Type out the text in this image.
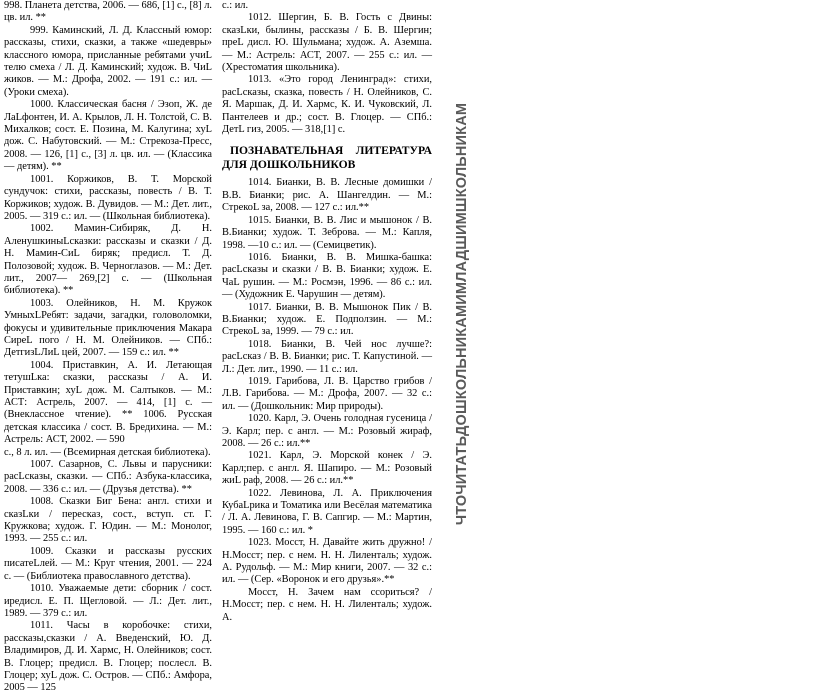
998. Планета детства, 2006. — 686, [1] с., [8] л. цв. ил. **

999. Каминский, Л. Д. Классный юмор: рассказы, стихи, сказки, а также «шедевры» классного юмора, присланные ребятами учиL телю смеха / Л. Д. Каминский; худож. В. ЧиL жиков. — М.: Дрофа, 2002. — 191 с.: ил. — (Уроки смеха).

1000. Классическая басня / Эзоп, Ж. де ЛаLфонтен, И. А. Крылов, Л. Н. Толстой, С. В. Михалков; сост. Е. Позина, М. Калугина; хуL дож. С. Набутовский. — М.: Стрекоза-Пресс, 2008. — 126, [1] с., [3] л. цв. ил. — (Классика — детям). **

1001. Коржиков, В. Т. Морской сундучок: стихи, рассказы, повесть / В. Т. Коржиков; худож. В. Дувидов. — М.: Дет. лит., 2005. — 319 с.: ил. — (Школьная библиотека).

1002. Мамин-Сибиряк, Д. Н. АленушкиныLсказки: рассказы и сказки / Д. Н. Мамин-СиL биряк; предисл. Т. Д. Полозовой; худож. В. Черноглазов. — М.: Дет. лит., 2007— 269,[2] с. — (Школьная библиотека). **

1003. Олейников, Н. М. Кружок УмныхLРебят: задачи, загадки, головоломки, фокусы и удивительные приключения Макара СиреL пого / Н. М. Олейников. — СПб.: ДетгизLЛиL цей, 2007. — 159 с.: ил. **

1004. Приставкин, А. И. Летающая тетушLка: сказки, рассказы / А. И. Приставкин; хуL дож. М. Салтыков. — М.: АСТ: Астрель, 2007. — 414, [1] с. — (Внеклассное чтение). ** 1006. Русская детская классика / сост. В. Бредихина. — М.: Астрель: АСТ, 2002. — 590

с., 8 л. ил. — (Всемирная детская библиотека).

1007. Сазарнов, С. Львы и парусники: расLсказы, сказки. — СПб.: Азбука-классика, 2008. — 336 с.: ил. — (Друзья детства). **

1008. Сказки Биг Бена: англ. стихи и сказLки / пересказ, сост., вступ. ст. Г. Кружкова; худож. Г. Юдин. — М.: Монолог, 1993. — 255 с.: ил.

1009. Сказки и рассказы русских писатеLлей. — М.: Круг чтения, 2001. — 224 с. — (Библиотека православного детства).

1010. Уважаемые дети: сборник / сост. иредисл. Е. П. Щегловой. — Л.: Дет. лит., 1989. — 379 с.: ил.

1011. Часы в коробочке: стихи, рассказы,сказки / А. Введенский, Ю. Д. Владимиров, Д. И. Хармс, Н. Олейников; сост. В. Глоцер; предисл. В. Глоцер; послесл. В. Глоцер; хуL дож. С. Остров. — СПб.: Амфора, 2005 — 125

с.: ил.

1012. Шергин, Б. В. Гость с Двины: сказLки, былины, рассказы / Б. В. Шергин; преL дисл. Ю. Шульмана; худож. А. Аземша. — М.: Астрель: АСТ, 2007. — 255 с.: ил. — (Хрестоматия школьника).

1013. «Это город Ленинград»: стихи, расLсказы, сказка, повесть / Н. Олейников, С. Я. Маршак, Д. И. Хармс, К. И. Чуковский, Л. Пантелеев и др.; сост. В. Глоцер. — СПб.: ДетL гиз, 2005. — 318,[1] с.

ПОЗНАВАТЕЛЬНАЯ ЛИТЕРАТУРА ДЛЯ ДОШКОЛЬНИКОВ

1014. Бианки, В. В. Лесные домишки / В.В. Бианки; рис. А. Шангелдин. — М.: СтрекоL за, 2008. — 127 с.: ил.**

1015. Бианки, В. В. Лис и мышонок / В. В.Бианки; худож. Т. Зеброва. — М.: Капля, 1998. —10 с.: ил. — (Семицветик).

1016. Бианки, В. В. Мишка-башка: расLсказы и сказки / В. В. Бианки; худож. Е. ЧаL рушин. — М.: Росмэн, 1996. — 86 с.: ил. — (Художник Е. Чарушин — детям).

1017. Бианки, В. В. Мышонок Пик / В. В.Бианки; худож. Е. Подползин. — М.: СтрекоL за, 1999. — 79 с.: ил.

1018. Бианки, В. Чей нос лучше?: расLсказ / В. В. Бианки; рис. Т. Капустиной. — Л.: Дет. лит., 1990. — 11 с.: ил.

1019. Гарибова, Л. В. Царство грибов / Л.В. Гарибова. — М.: Дрофа, 2007. — 32 с.: ил. — (Дошкольник: Мир природы).

1020. Карл, Э. Очень голодная гусеница /Э. Карл; пер. с англ. — М.: Розовый жираф, 2008. — 26 с.: ил.**

1021. Карл, Э. Морской конек / Э. Карл;пер. с англ. Я. Шапиро. — М.: Розовый жиL раф, 2008. — 26 с.: ил.**

1022. Левинова, Л. А. Приключения КубаLрика и Томатика или Весёлая математика / Л. А. Левинова, Г. В. Сапгир. — М.: Мартин, 1995. — 160 с.: ил. *

1023. Мосст, Н. Давайте жить дружно! / Н.Мосст; пер. с нем. Н. Н. Лиленталь; худож. А. Рудольф. — М.: Мир книги, 2007. — 32 с.: ил. — (Сер. «Воронок и его друзья».**

Мосст, Н. Зачем нам ссориться? / Н.Мосст; пер. с нем. Н. Н. Лиленталь; худож. А.

ЧТОЧИТАТЬДОШКОЛЬНИКАМИМЛАДШИМШКОЛЬНИКАМ
